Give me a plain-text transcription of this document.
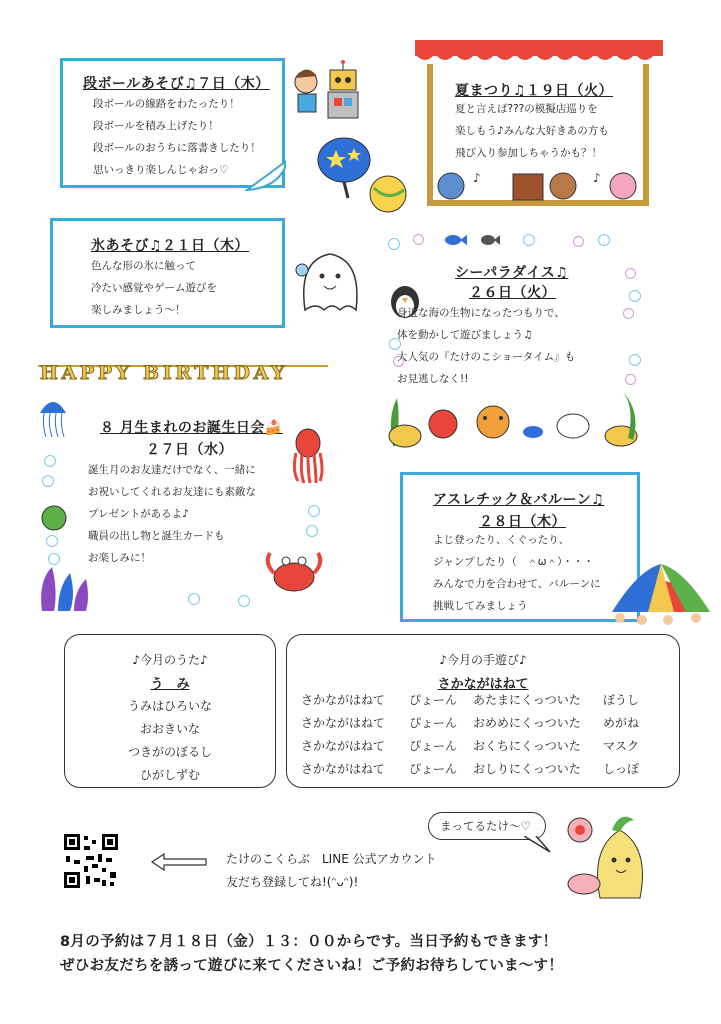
段ボールあそび♫７日（木）
段ボールの線路をわたったり！
段ボールを積み上げたり！
段ボールのおうちに落書きしたり！
思いっきり楽しんじゃおっ♡
夏まつり♫１９日（火）
夏と言えば???の模擬店巡りを
楽しもう♪みんな大好きあの方も
飛び入り参加しちゃうかも？！
♪	♪
氷あそび♫２１日（木）
色んな形の氷に触って
冷たい感覚やゲーム遊びを
楽しみましょう～！
シーパラダイス♫
２６日（火）
身近な海の生物になったつもりで、
体を動かして遊びましょう♫
大人気の『たけのこショータイム』も
お見逃しなく!!
HAPPY BIRTHDAY
８ 月生まれのお誕生日会🍰
２７日（水）
誕生月のお友達だけでなく、一緒に
お祝いしてくれるお友達にも素敵な
プレゼントがあるよ♪
職員の出し物と誕生カードも
お楽しみに！
アスレチック＆バルーン♫
２８日（木）
よじ登ったり、くぐったり、
ジャンプしたり（　＾ω＾）・・・
みんなで力を合わせて、バルーンに
挑戦してみましょう
♪今月のうた♪
う　み
うみはひろいな
おおきいな
つきがのぼるし
ひがしずむ
♪今月の手遊び♪
さかながはねて
さかながはねて	ぴょーん	あたまにくっついた	ぼうし
さかながはねて	ぴょーん	おめめにくっついた	めがね
さかながはねて	ぴょーん	おくちにくっついた	マスク
さかながはねて	ぴょーん	おしりにくっついた	しっぽ
たけのこくらぶ　LINE 公式アカウント
友だち登録してね!(ᵔᴗᵔ)!
まってるたけ～♡
8月の予約は７月１８日（金）１３：００からです。当日予約もできます！
ぜひお友だちを誘って遊びに来てくださいね！ご予約お待ちしていま～す！
